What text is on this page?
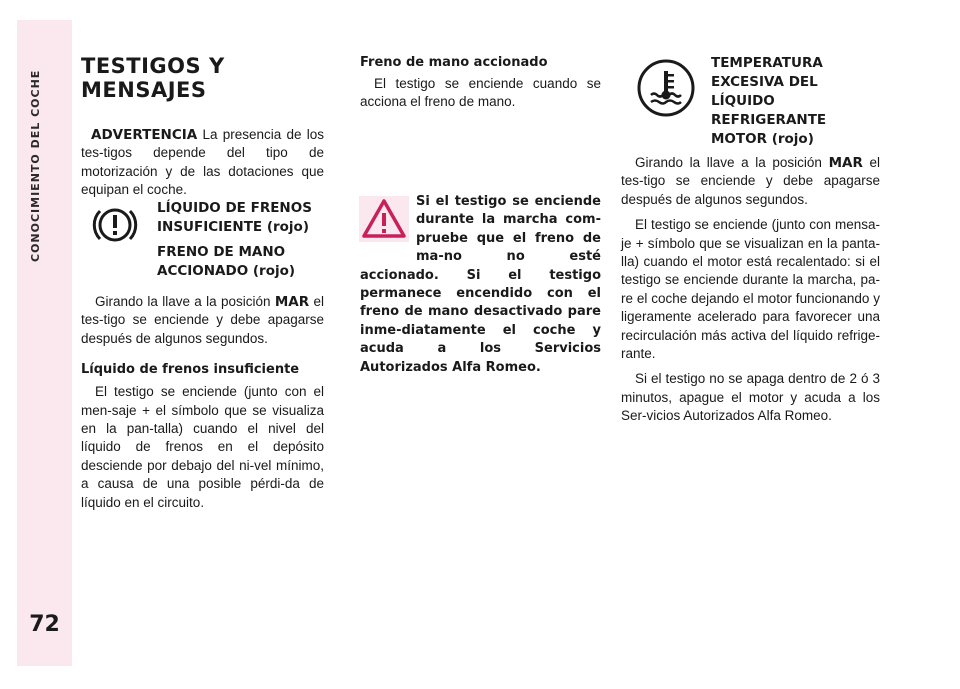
CONOCIMIENTO DEL COCHE
72
TESTIGOS Y
MENSAJES

ADVERTENCIA La presencia de los tes-tigos depende del tipo de motorización y de las dotaciones que equipan el coche.

LÍQUIDO DE FRENOS INSUFICIENTE (rojo)
FRENO DE MANO ACCIONADO (rojo)

Girando la llave a la posición MAR el tes-tigo se enciende y debe apagarse después de algunos segundos.

Líquido de frenos insuficiente

El testigo se enciende (junto con el men-saje + el símbolo que se visualiza en la pan-talla) cuando el nivel del líquido de frenos en el depósito desciende por debajo del ni-vel mínimo, a causa de una posible pérdi-da de líquido en el circuito.

Freno de mano accionado

El testigo se enciende cuando se acciona el freno de mano.

Si el testigo se enciende durante la marcha com-pruebe que el freno de ma-no no esté accionado. Si el testigo permanece encendido con el freno de mano desactivado pare inme-diatamente el coche y acuda a los Servicios Autorizados Alfa Romeo.

TEMPERATURA EXCESIVA DEL LÍQUIDO REFRIGERANTE MOTOR (rojo)

Girando la llave a la posición MAR el tes-tigo se enciende y debe apagarse después de algunos segundos.

El testigo se enciende (junto con mensa-je + símbolo que se visualizan en la panta-lla) cuando el motor está recalentado: si el testigo se enciende durante la marcha, pa-re el coche dejando el motor funcionando y ligeramente acelerado para favorecer una recirculación más activa del líquido refrige-rante.

Si el testigo no se apaga dentro de 2 ó 3 minutos, apague el motor y acuda a los Ser-vicios Autorizados Alfa Romeo.
